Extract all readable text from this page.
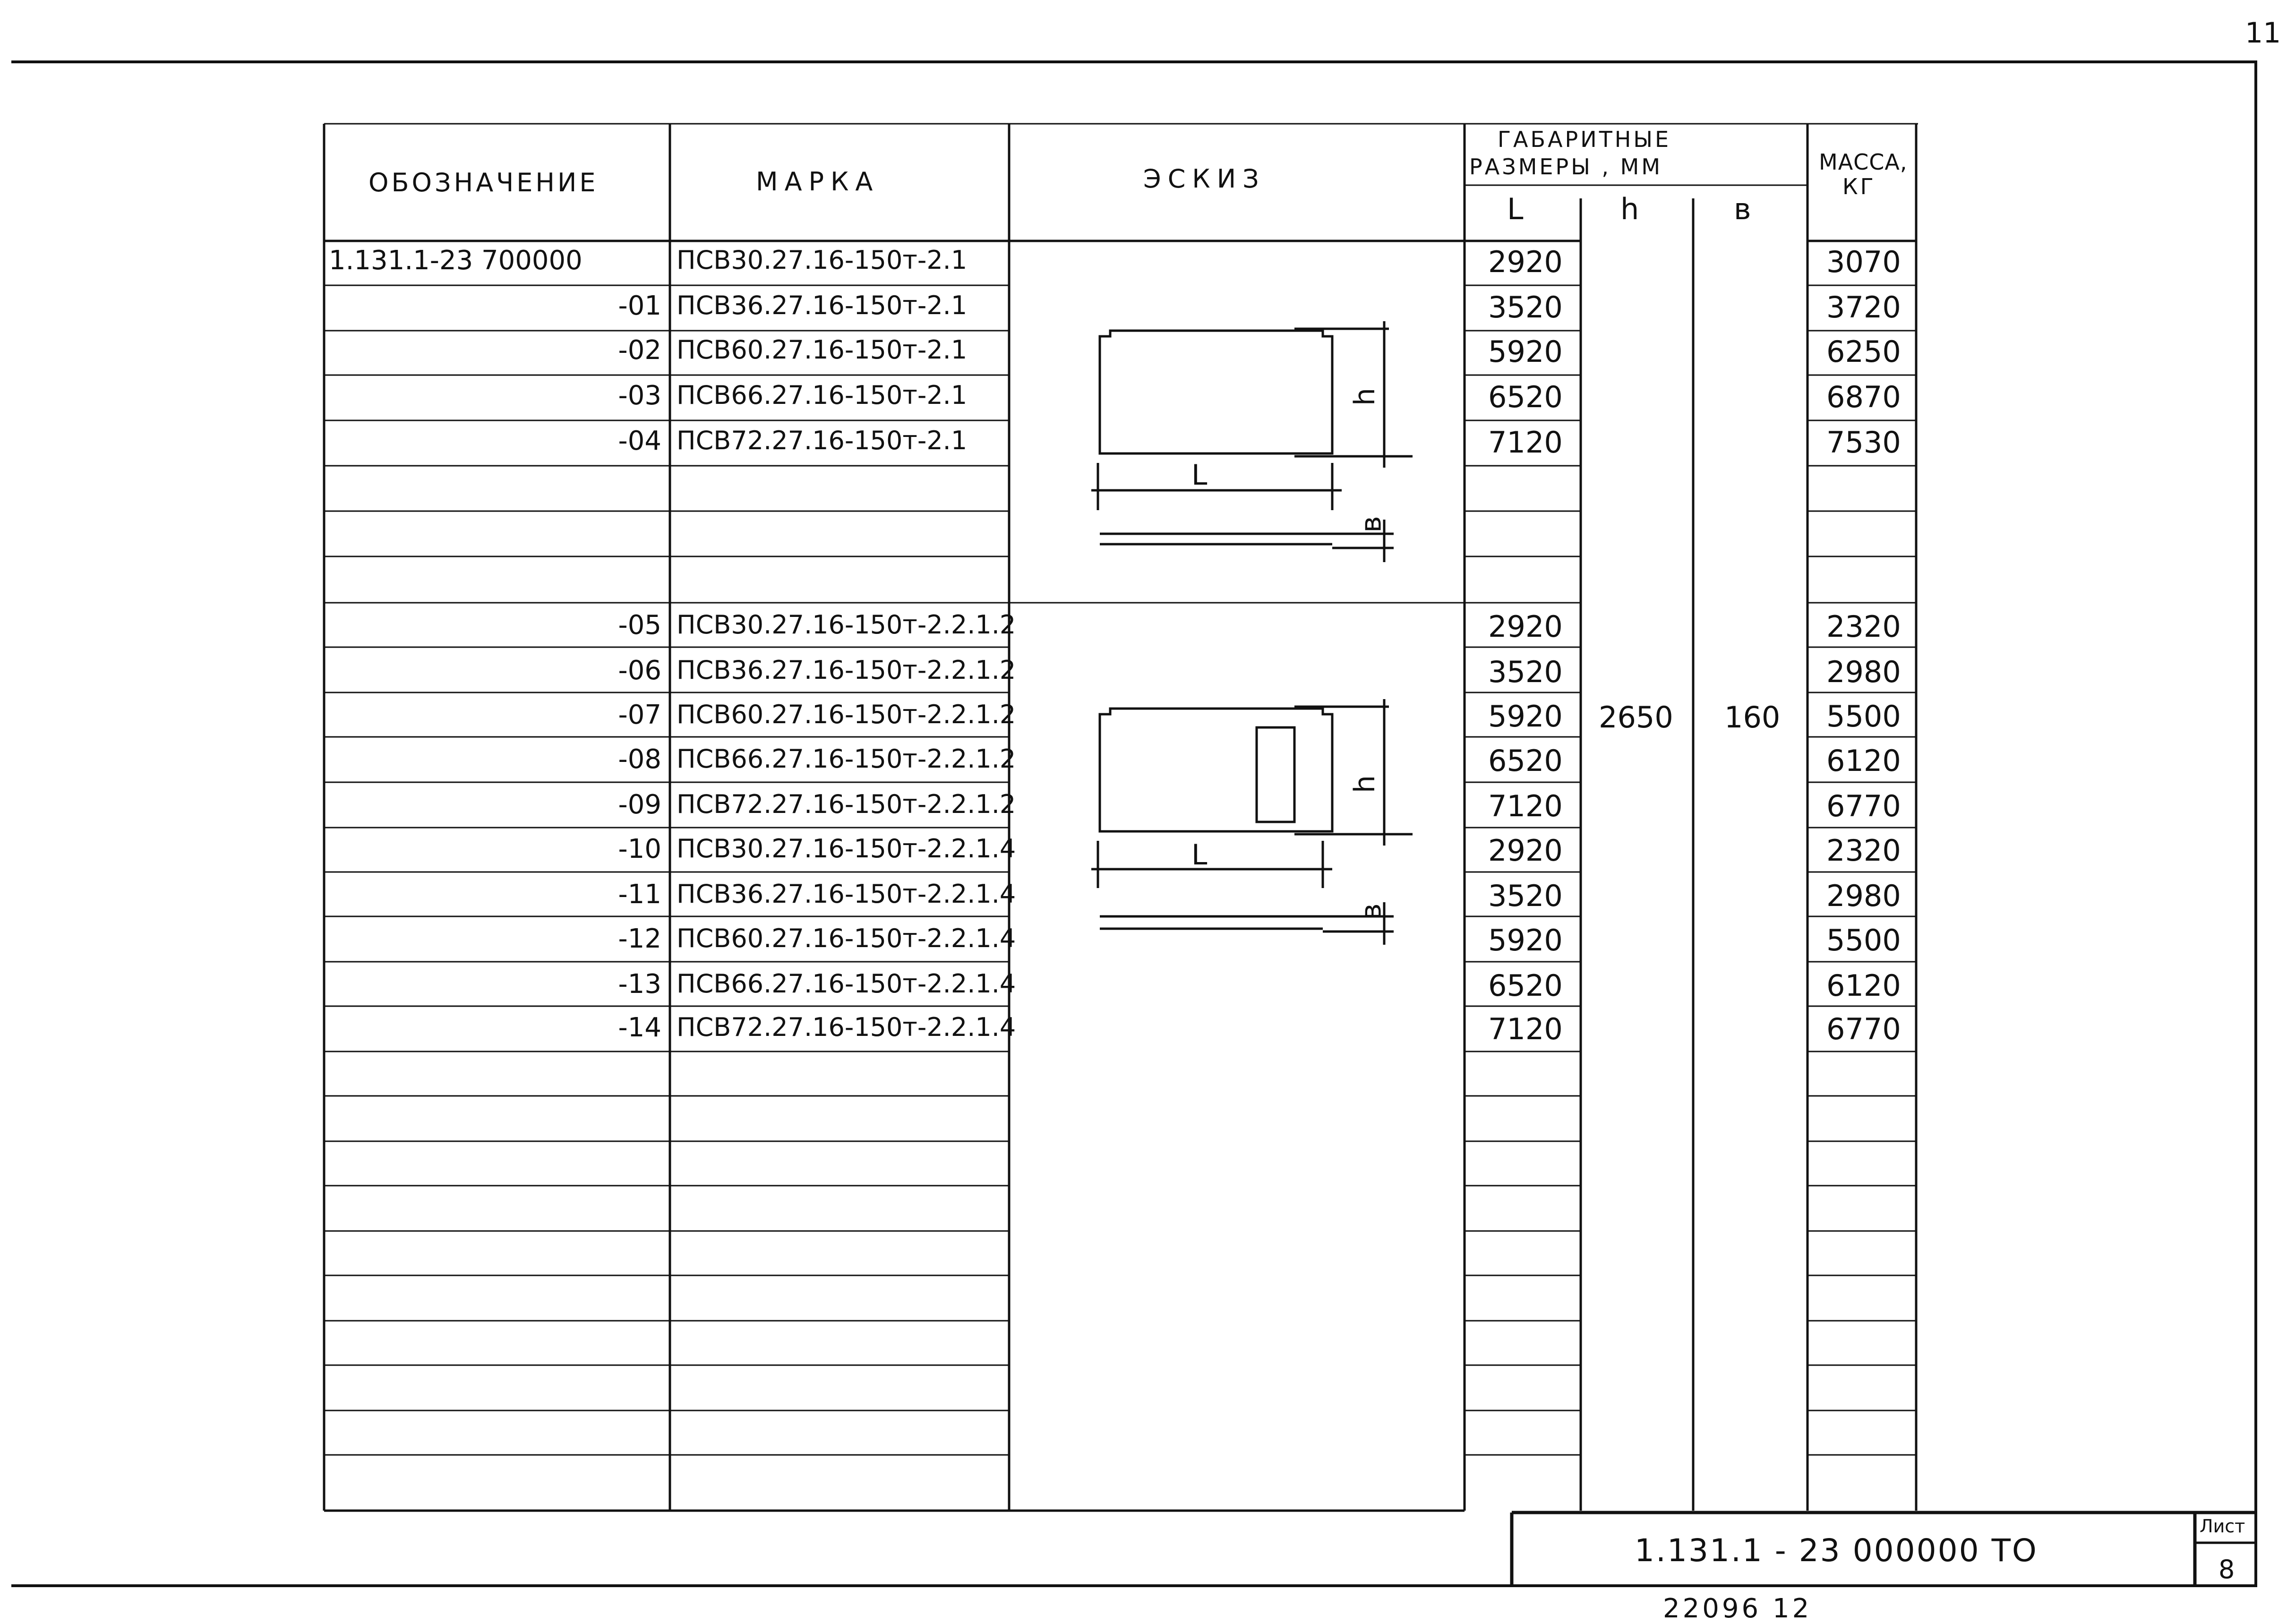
11
ОБОЗНАЧЕНИЕ	МАРКА	ЭСКИЗ
ГАБАРИТНЫЕ
РАЗМЕРЫ , ММ
L	h	в
МАССА,
КГ
1.131.1-23 700000	ПСВ30.27.16-150т-2.1	2920	3070
-01 ПСВ36.27.16-150т-2.1	3520	3720
-02 ПСВ60.27.16-150т-2.1	5920	6250
-03 ПСВ66.27.16-150т-2.1	6520	6870
-04 ПСВ72.27.16-150т-2.1	7120	7530
-05 ПСВ30.27.16-150т-2.2.1.2	2920	2320
-06 ПСВ36.27.16-150т-2.2.1.2	3520	2980
-07 ПСВ60.27.16-150т-2.2.1.2	5920	5500
-08 ПСВ66.27.16-150т-2.2.1.2	6520	6120
-09 ПСВ72.27.16-150т-2.2.1.2	7120	6770
-10 ПСВ30.27.16-150т-2.2.1.4	2920	2320
-11 ПСВ36.27.16-150т-2.2.1.4	3520	2980
-12 ПСВ60.27.16-150т-2.2.1.4	5920	5500
-13 ПСВ66.27.16-150т-2.2.1.4	6520	6120
-14 ПСВ72.27.16-150т-2.2.1.4	7120	6770
2650 160
h
L
в
h
L
в
1.131.1 - 23 000000 ТО
Лист
8
22096 12
